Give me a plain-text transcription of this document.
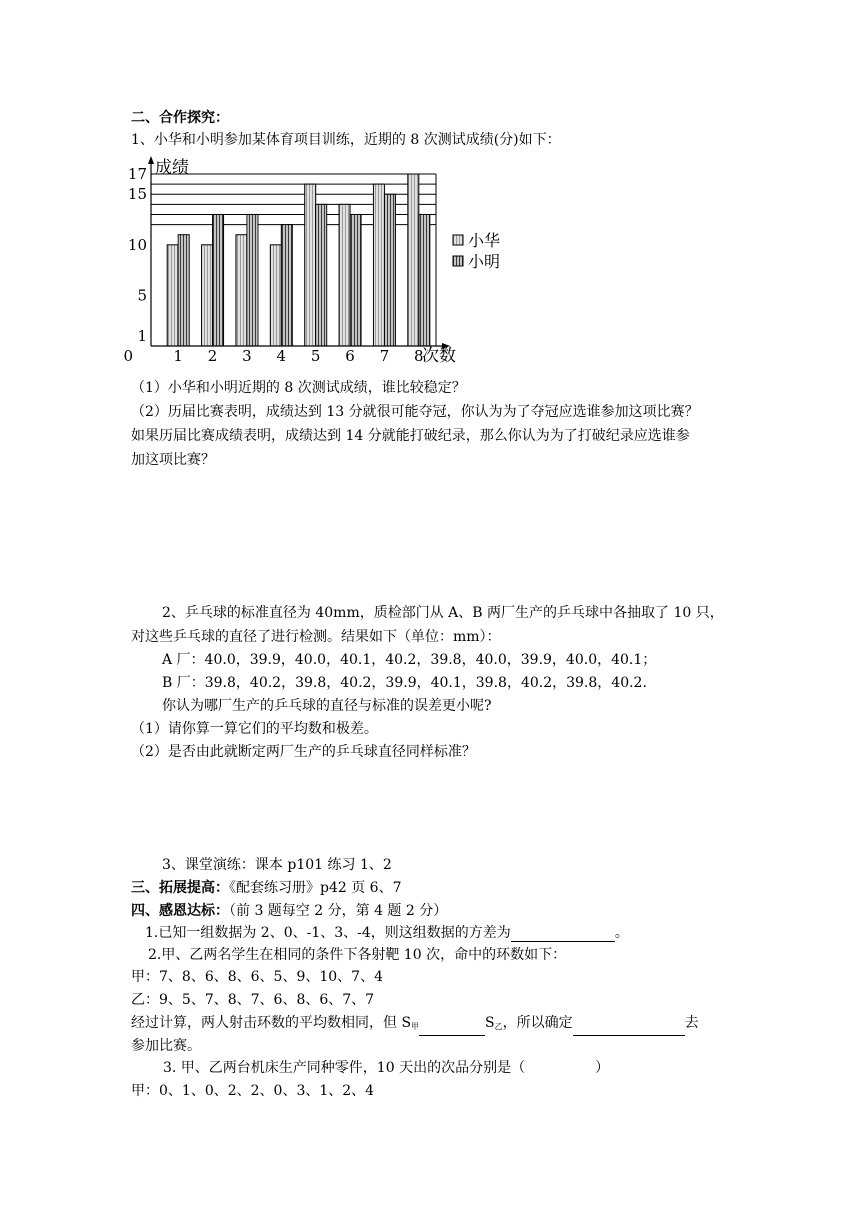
二、合作探究：
1、小华和小明参加某体育项目训练，近期的 8 次测试成绩(分)如下：
1 2 3 4 5 6 7 8
0
1
5
10
15
17 成绩
次数
小华
小明
（1）小华和小明近期的 8 次测试成绩，谁比较稳定？
（2）历届比赛表明，成绩达到 13 分就很可能夺冠，你认为为了夺冠应选谁参加这项比赛？
如果历届比赛成绩表明，成绩达到 14 分就能打破纪录，那么你认为为了打破纪录应选谁参
加这项比赛？
2、乒乓球的标准直径为 40mm，质检部门从 A、B 两厂生产的乒乓球中各抽取了 10 只，
对这些乒乓球的直径了进行检测。结果如下（单位：mm）：
A 厂：40.0，39.9，40.0，40.1，40.2，39.8，40.0，39.9，40.0，40.1；
B 厂：39.8，40.2，39.8，40.2，39.9，40.1，39.8，40.2，39.8，40.2.
你认为哪厂生产的乒乓球的直径与标准的误差更小呢?
（1）请你算一算它们的平均数和极差。
（2）是否由此就断定两厂生产的乒乓球直径同样标准？
3、课堂演练：课本 p101 练习 1、2
三、拓展提高：《配套练习册》p42 页 6、7
四、感恩达标：（前 3 题每空 2 分，第 4 题 2 分）
1.已知一组数据为 2、0、-1、3、-4，则这组数据的方差为	。
2.甲、乙两名学生在相同的条件下各射靶 10 次，命中的环数如下：
甲：7、8、6、8、6、5、9、10、7、4
乙：9、5、7、8、7、6、8、6、7、7
经过计算，两人射击环数的平均数相同，但 $S_甲$	$S_乙$，所以确定	去
参加比赛。
3. 甲、乙两台机床生产同种零件，10 天出的次品分别是（	）
甲：0、1、0、2、2、0、3、1、2、4
